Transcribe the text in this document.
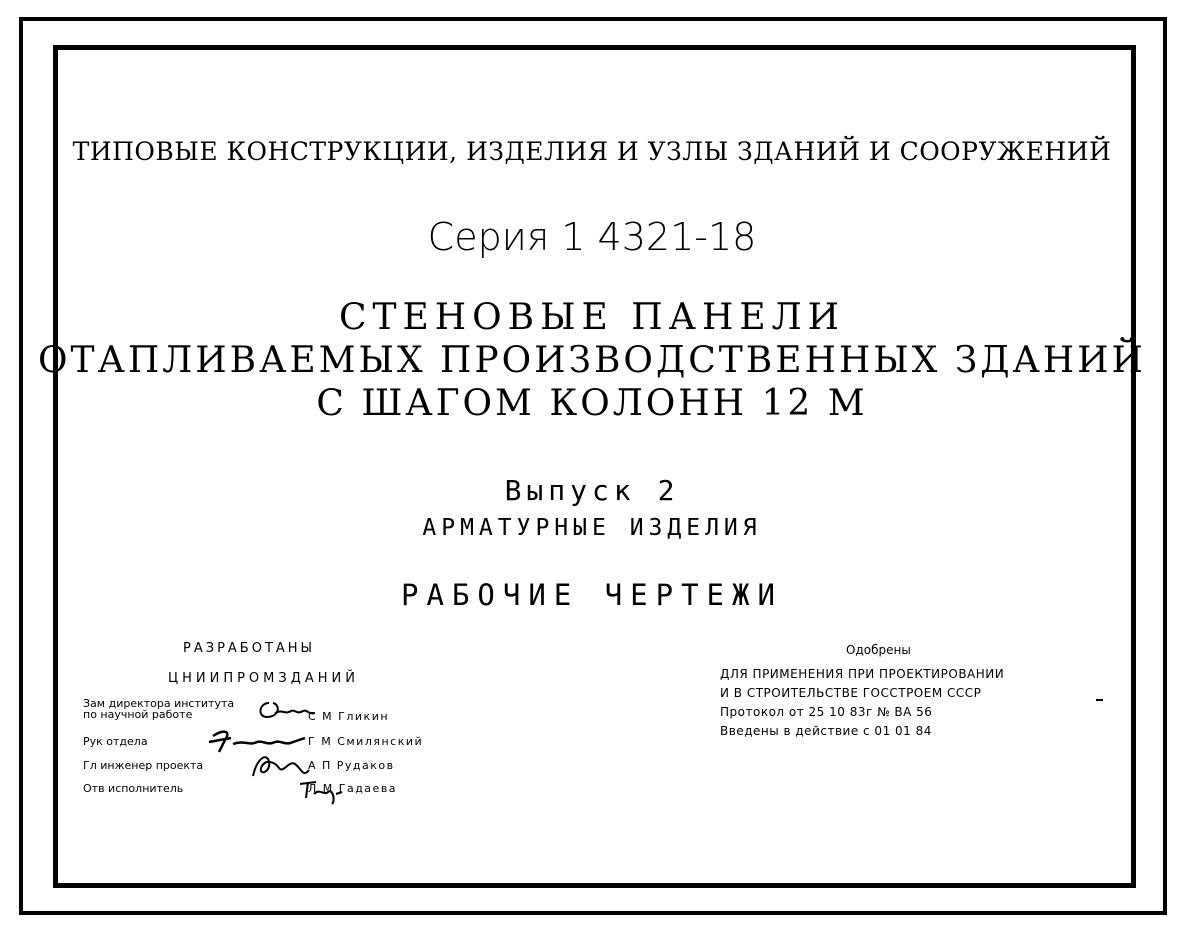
ТИПОВЫЕ КОНСТРУКЦИИ, ИЗДЕЛИЯ И УЗЛЫ ЗДАНИЙ И СООРУЖЕНИЙ
Серия 1 4321-18
СТЕНОВЫЕ ПАНЕЛИ
ОТАПЛИВАЕМЫХ ПРОИЗВОДСТВЕННЫХ ЗДАНИЙ
С ШАГОМ КОЛОНН 12 М
Выпуск 2
АРМАТУРНЫЕ ИЗДЕЛИЯ
РАБОЧИЕ ЧЕРТЕЖИ
РАЗРАБОТАНЫ
ЦНИИПРОМЗДАНИЙ
Зам директора института
по научной работе	С М Гликин
Рук отдела	Г М Смилянский
Гл инженер проекта	А П Рудаков
Отв исполнитель	Л М Гадаева
Одобрены
ДЛЯ ПРИМЕНЕНИЯ ПРИ ПРОЕКТИРОВАНИИ
И В СТРОИТЕЛЬСТВЕ ГОССТРОЕМ СССР
Протокол от 25 10 83г № ВА 56
Введены в действие с 01 01 84
